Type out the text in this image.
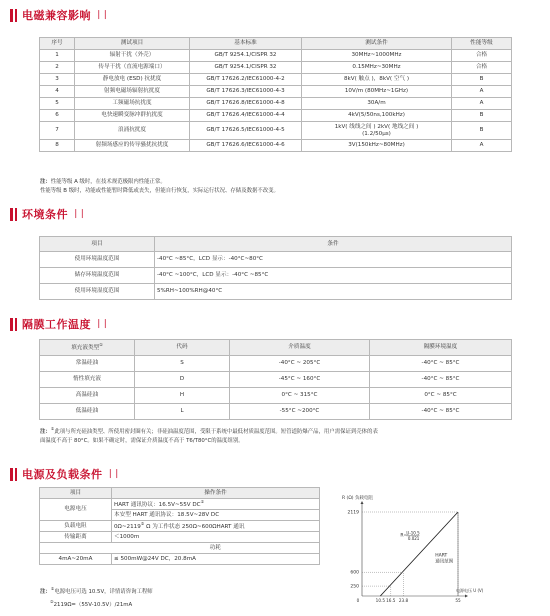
电磁兼容影响 ❘❘
序号	测试项目	基本标准	测试条件	性能等级
1	辐射干扰（外壳）	GB/T 9254.1/CISPR 32	30MHz~1000MHz	合格
2	传导干扰（直流电源端口）	GB/T 9254.1/CISPR 32	0.15MHz~30MHz	合格
3	静电放电 (ESD) 抗扰度	GB/T 17626.2/IEC61000-4-2	8kV( 触点 )，8kV( 空气 )	B
4	射频电磁场辐射抗扰度	GB/T 17626.3/IEC61000-4-3	10V/m (80MHz~1GHz)	A
5	工频磁场抗扰度	GB/T 17626.8/IEC61000-4-8	30A/m	A
6	电快速瞬变脉冲群抗扰度	GB/T 17626.4/IEC61000-4-4	4kV(5/50ns,100kHz)	B
7	浪涌抗扰度	GB/T 17626.5/IEC61000-4-5	1kV( 线线之间 ) 2kV( 地线之间 )
(1.2/50μs)	B
8	射频场感应的传导骚扰抗扰度	GB/T 17626.6/IEC61000-4-6	3V(150kHz~80MHz)	A
注：性能等级 A 级时，在技术规范极限内性能正常。
性能等级 B 级时，功能或性能暂时降低或丧失，但能自行恢复，实际运行状况、存储及数据不改变。
环境条件 ❘❘
项目	条件
使用环境温度范围	-40°C ~85°C，LCD 显示：-40°C~80°C
储存环境温度范围	-40°C ~100°C，LCD 显示：-40°C ~85°C
使用环境湿度范围	5%RH~100%RH@40°C
隔膜工作温度 ❘❘
填充液类型①	代码	介质温度	隔膜环境温度
常温硅油	S	-40°C ~ 205°C	-40°C ~ 85°C
惰性填充液	D	-45°C ~ 160°C	-40°C ~ 85°C
高温硅油	H	0°C ~ 315°C	0°C ~ 85°C
低温硅油	L	-55°C ~200°C	-40°C ~ 85°C
注：①此项与所充硅油类型、所使用密封圈有关；非硅油温度范围，受限于系统中最低材质温度范围。短管道防爆产品，用户需保证到壳体的表
面温度不高于 80°C。如果不确定时，需保证介质温度不高于 T6/T80°C的温度组别。
电源及负载条件 ❘❘
项目	操作条件
电源电压	HART 通讯协议：16.5V~55V DC①
	本安型 HART 通讯协议：18.5V~28V DC
负载电阻	0Ω~2119② Ω 为工作状态 250Ω~600ΩHART 通讯
传输距离	＜1000m
	功耗
4mA~20mA	≤ 500mW@24V DC，20.8mA
注：①电源电压可选 10.5V，详情请咨询工程师
②2119Ω=（55V-10.5V）/21mA
R (Ω) 负载电阻
250
600
2119
10.5 16.5 23.8	55
0
电源电压 U (V)
R=
U-10.5
0.021
HART
通讯范围
